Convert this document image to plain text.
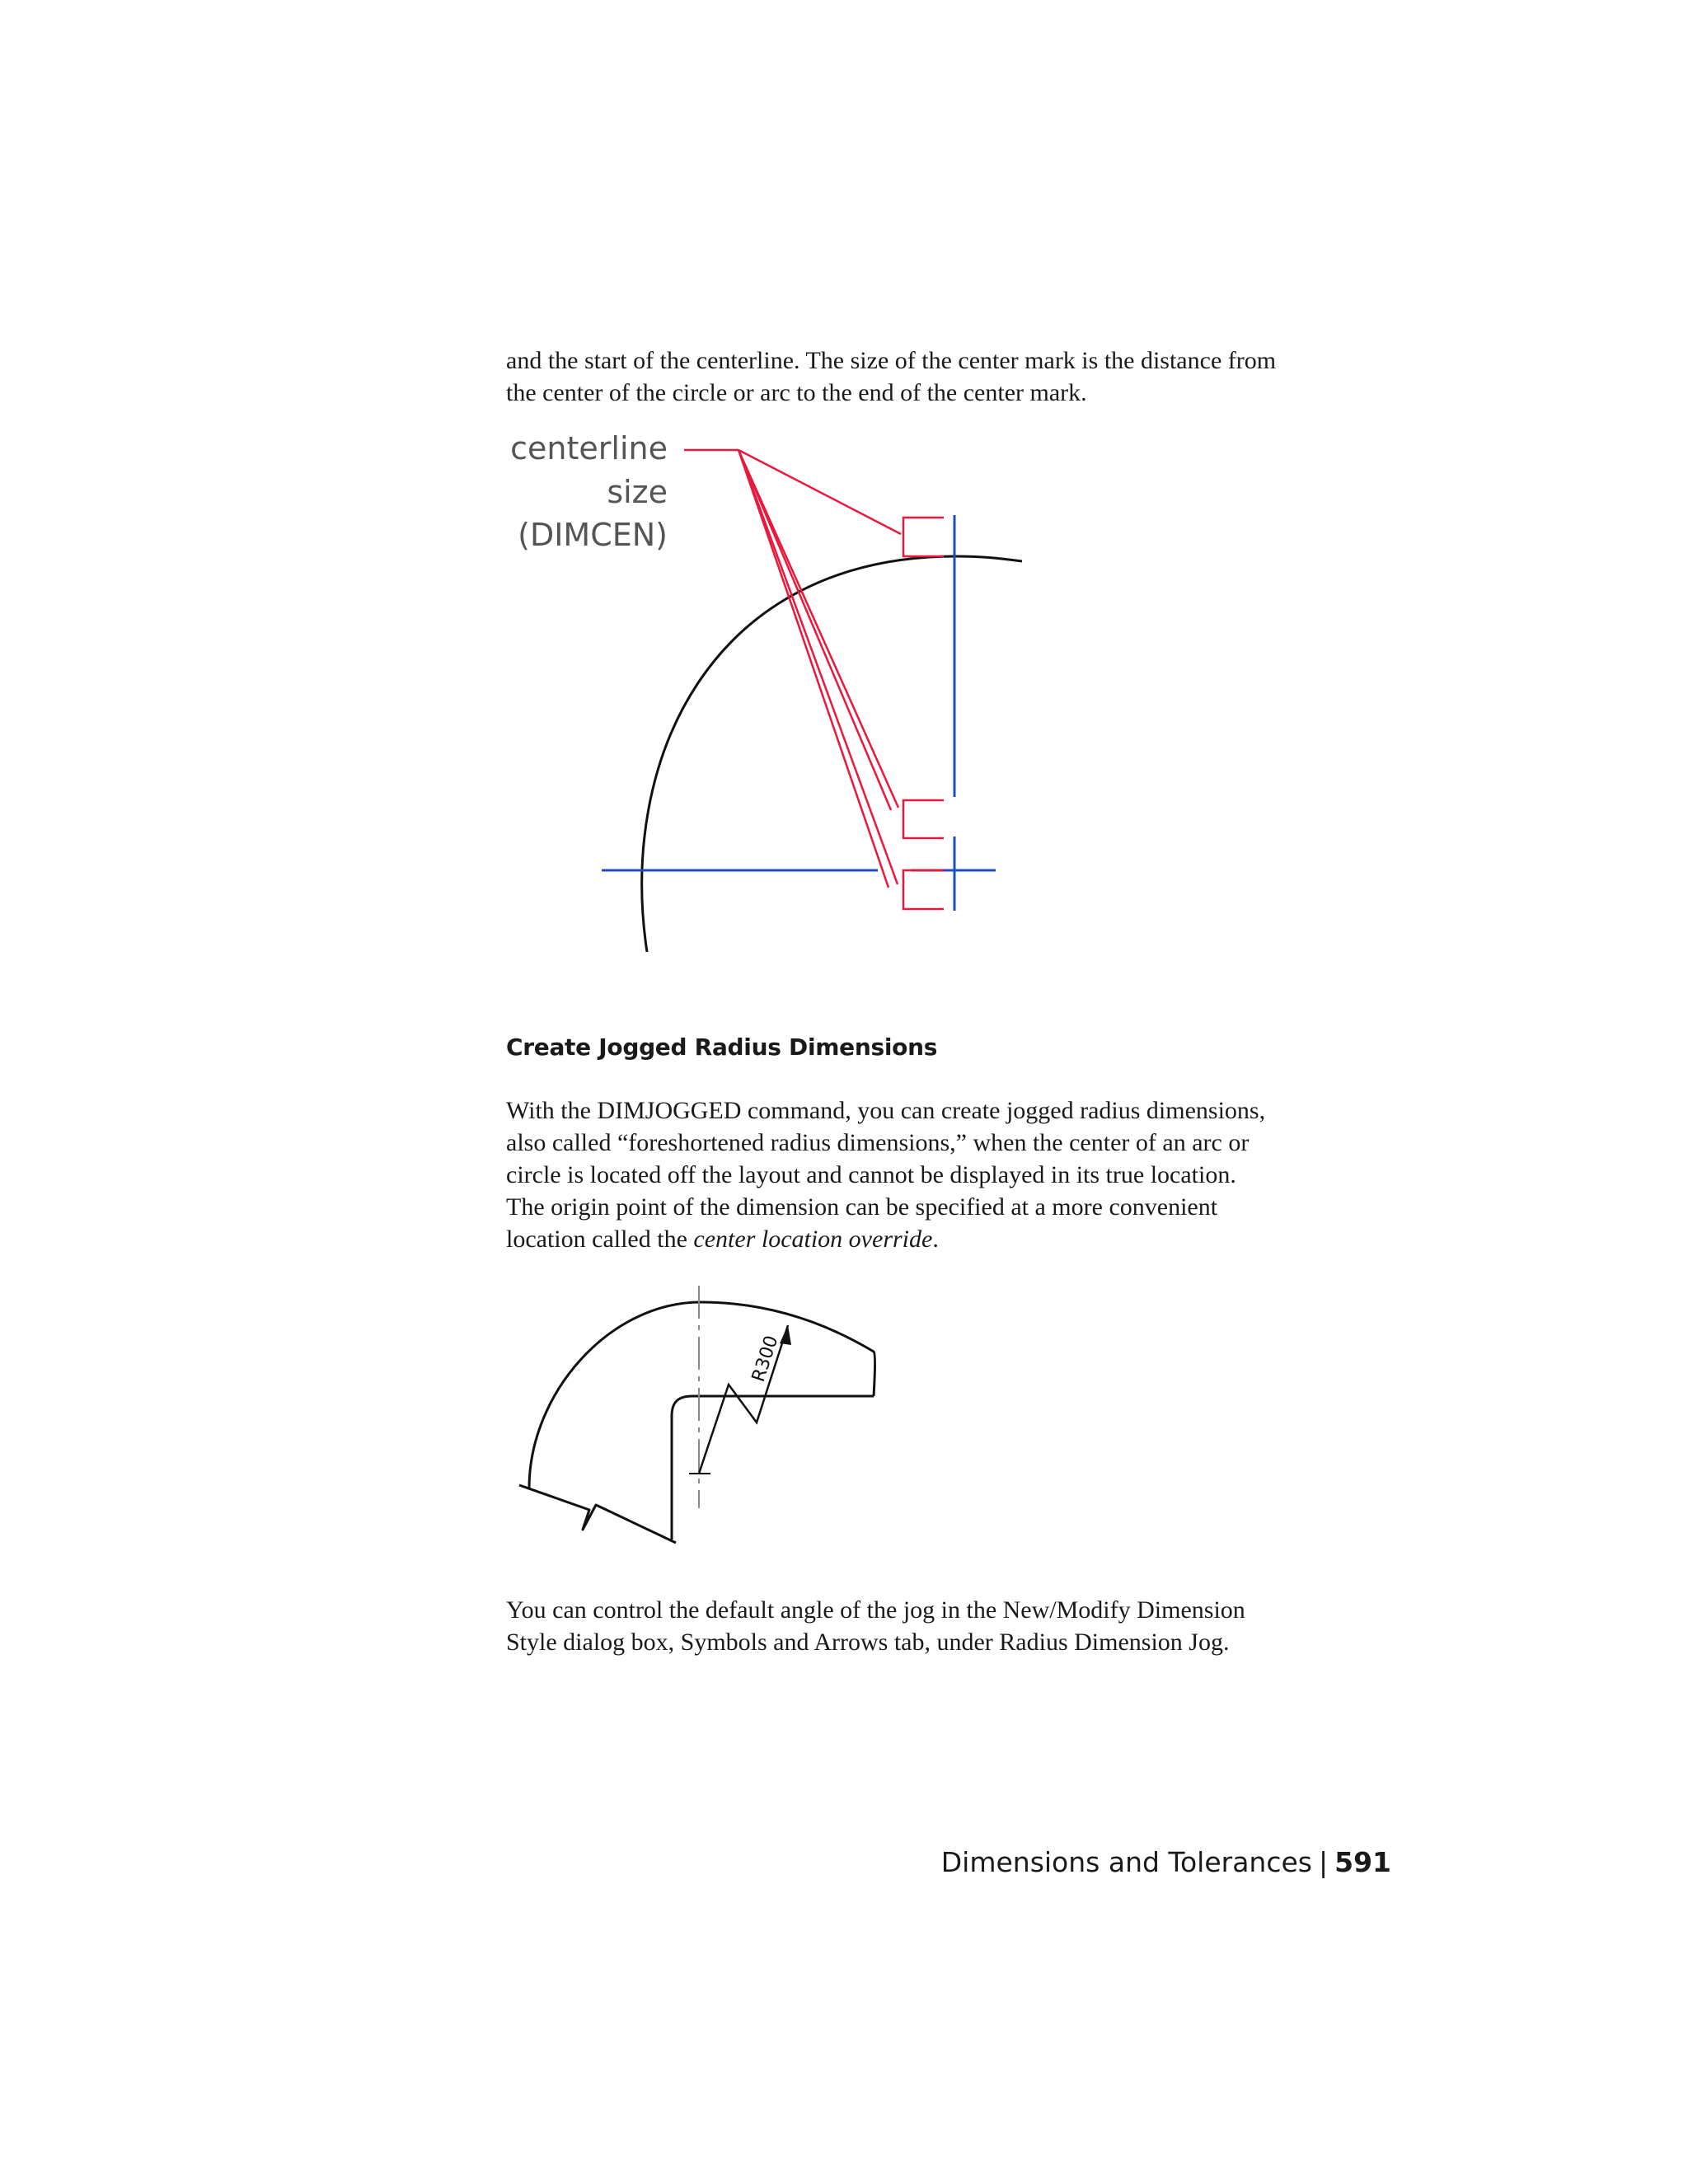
and the start of the centerline. The size of the center mark is the distance from
the center of the circle or arc to the end of the center mark.

centerline
size
(DIMCEN)
Create Jogged Radius Dimensions

With the DIMJOGGED command, you can create jogged radius dimensions,
also called “foreshortened radius dimensions,” when the center of an arc or
circle is located off the layout and cannot be displayed in its true location.
The origin point of the dimension can be specified at a more convenient
location called the center location override.

R300

You can control the default angle of the jog in the New/Modify Dimension
Style dialog box, Symbols and Arrows tab, under Radius Dimension Jog.

Dimensions and Tolerances | 591
